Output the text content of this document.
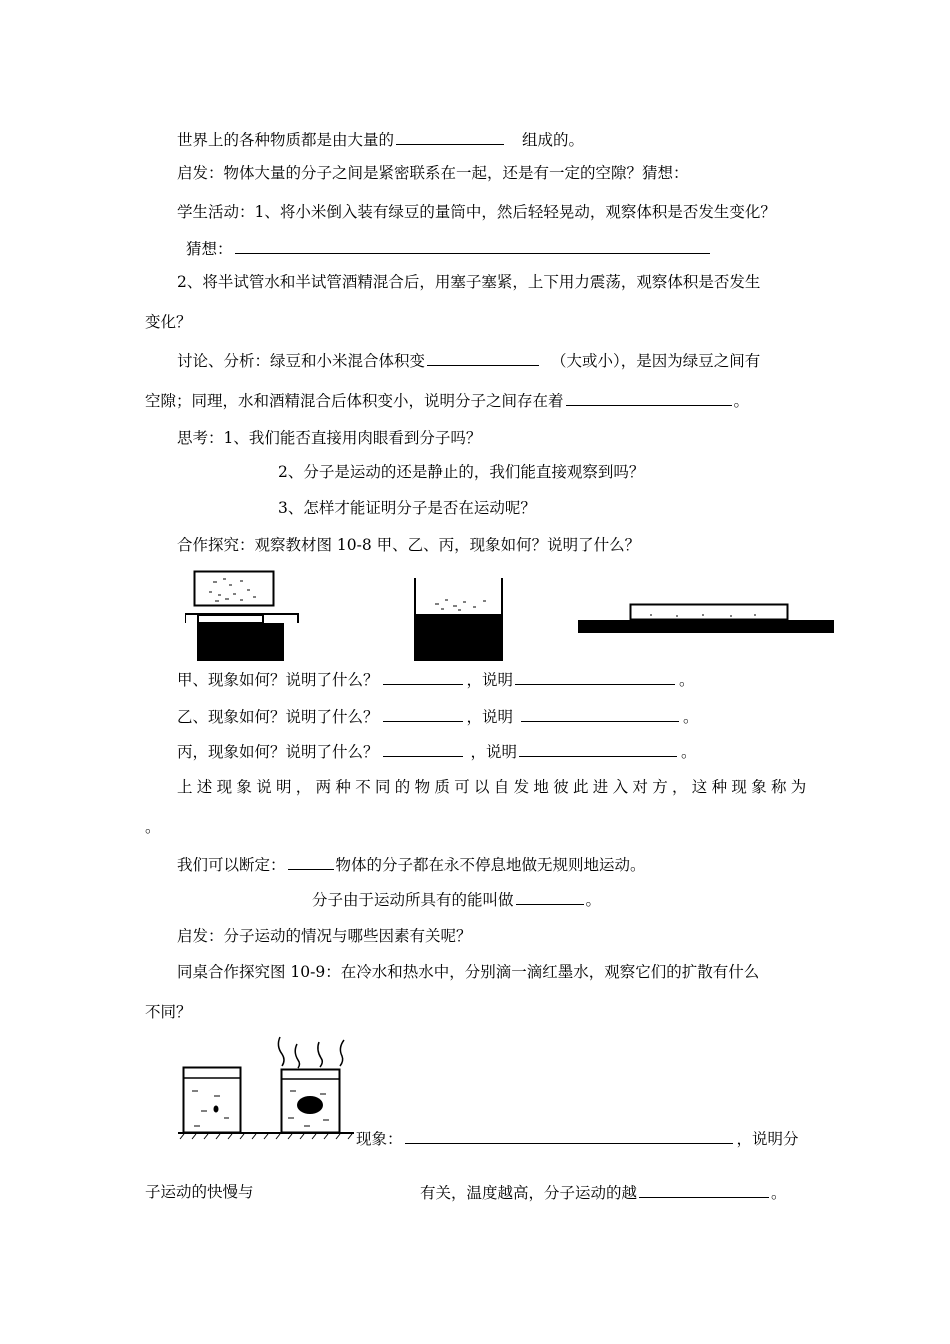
世界上的各种物质都是由大量的	组成的。
启发：物体大量的分子之间是紧密联系在一起，还是有一定的空隙？猜想：
学生活动：1、将小米倒入装有绿豆的量筒中，然后轻轻晃动，观察体积是否发生变化？
猜想：
2、将半试管水和半试管酒精混合后，用塞子塞紧，上下用力震荡，观察体积是否发生
变化？
讨论、分析：绿豆和小米混合体积变	（大或小），是因为绿豆之间有
空隙；同理，水和酒精混合后体积变小，说明分子之间存在着	。
思考：1、我们能否直接用肉眼看到分子吗？
2、分子是运动的还是静止的，我们能直接观察到吗？
3、怎样才能证明分子是否在运动呢？
合作探究：观察教材图 10-8 甲、乙、丙，现象如何？说明了什么？
甲、现象如何？说明了什么？	，说明	。
乙、现象如何？说明了什么？	，说明	。
丙，现象如何？说明了什么？	，说明	。
上述现象说明，两种不同的物质可以自发地彼此进入对方，这种现象称为
。
我们可以断定：	物体的分子都在永不停息地做无规则地运动。
分子由于运动所具有的能叫做	。
启发：分子运动的情况与哪些因素有关呢？
同桌合作探究图 10-9：在冷水和热水中，分别滴一滴红墨水，观察它们的扩散有什么
不同？
现象：	，说明分
子运动的快慢与	有关，温度越高，分子运动的越	。
